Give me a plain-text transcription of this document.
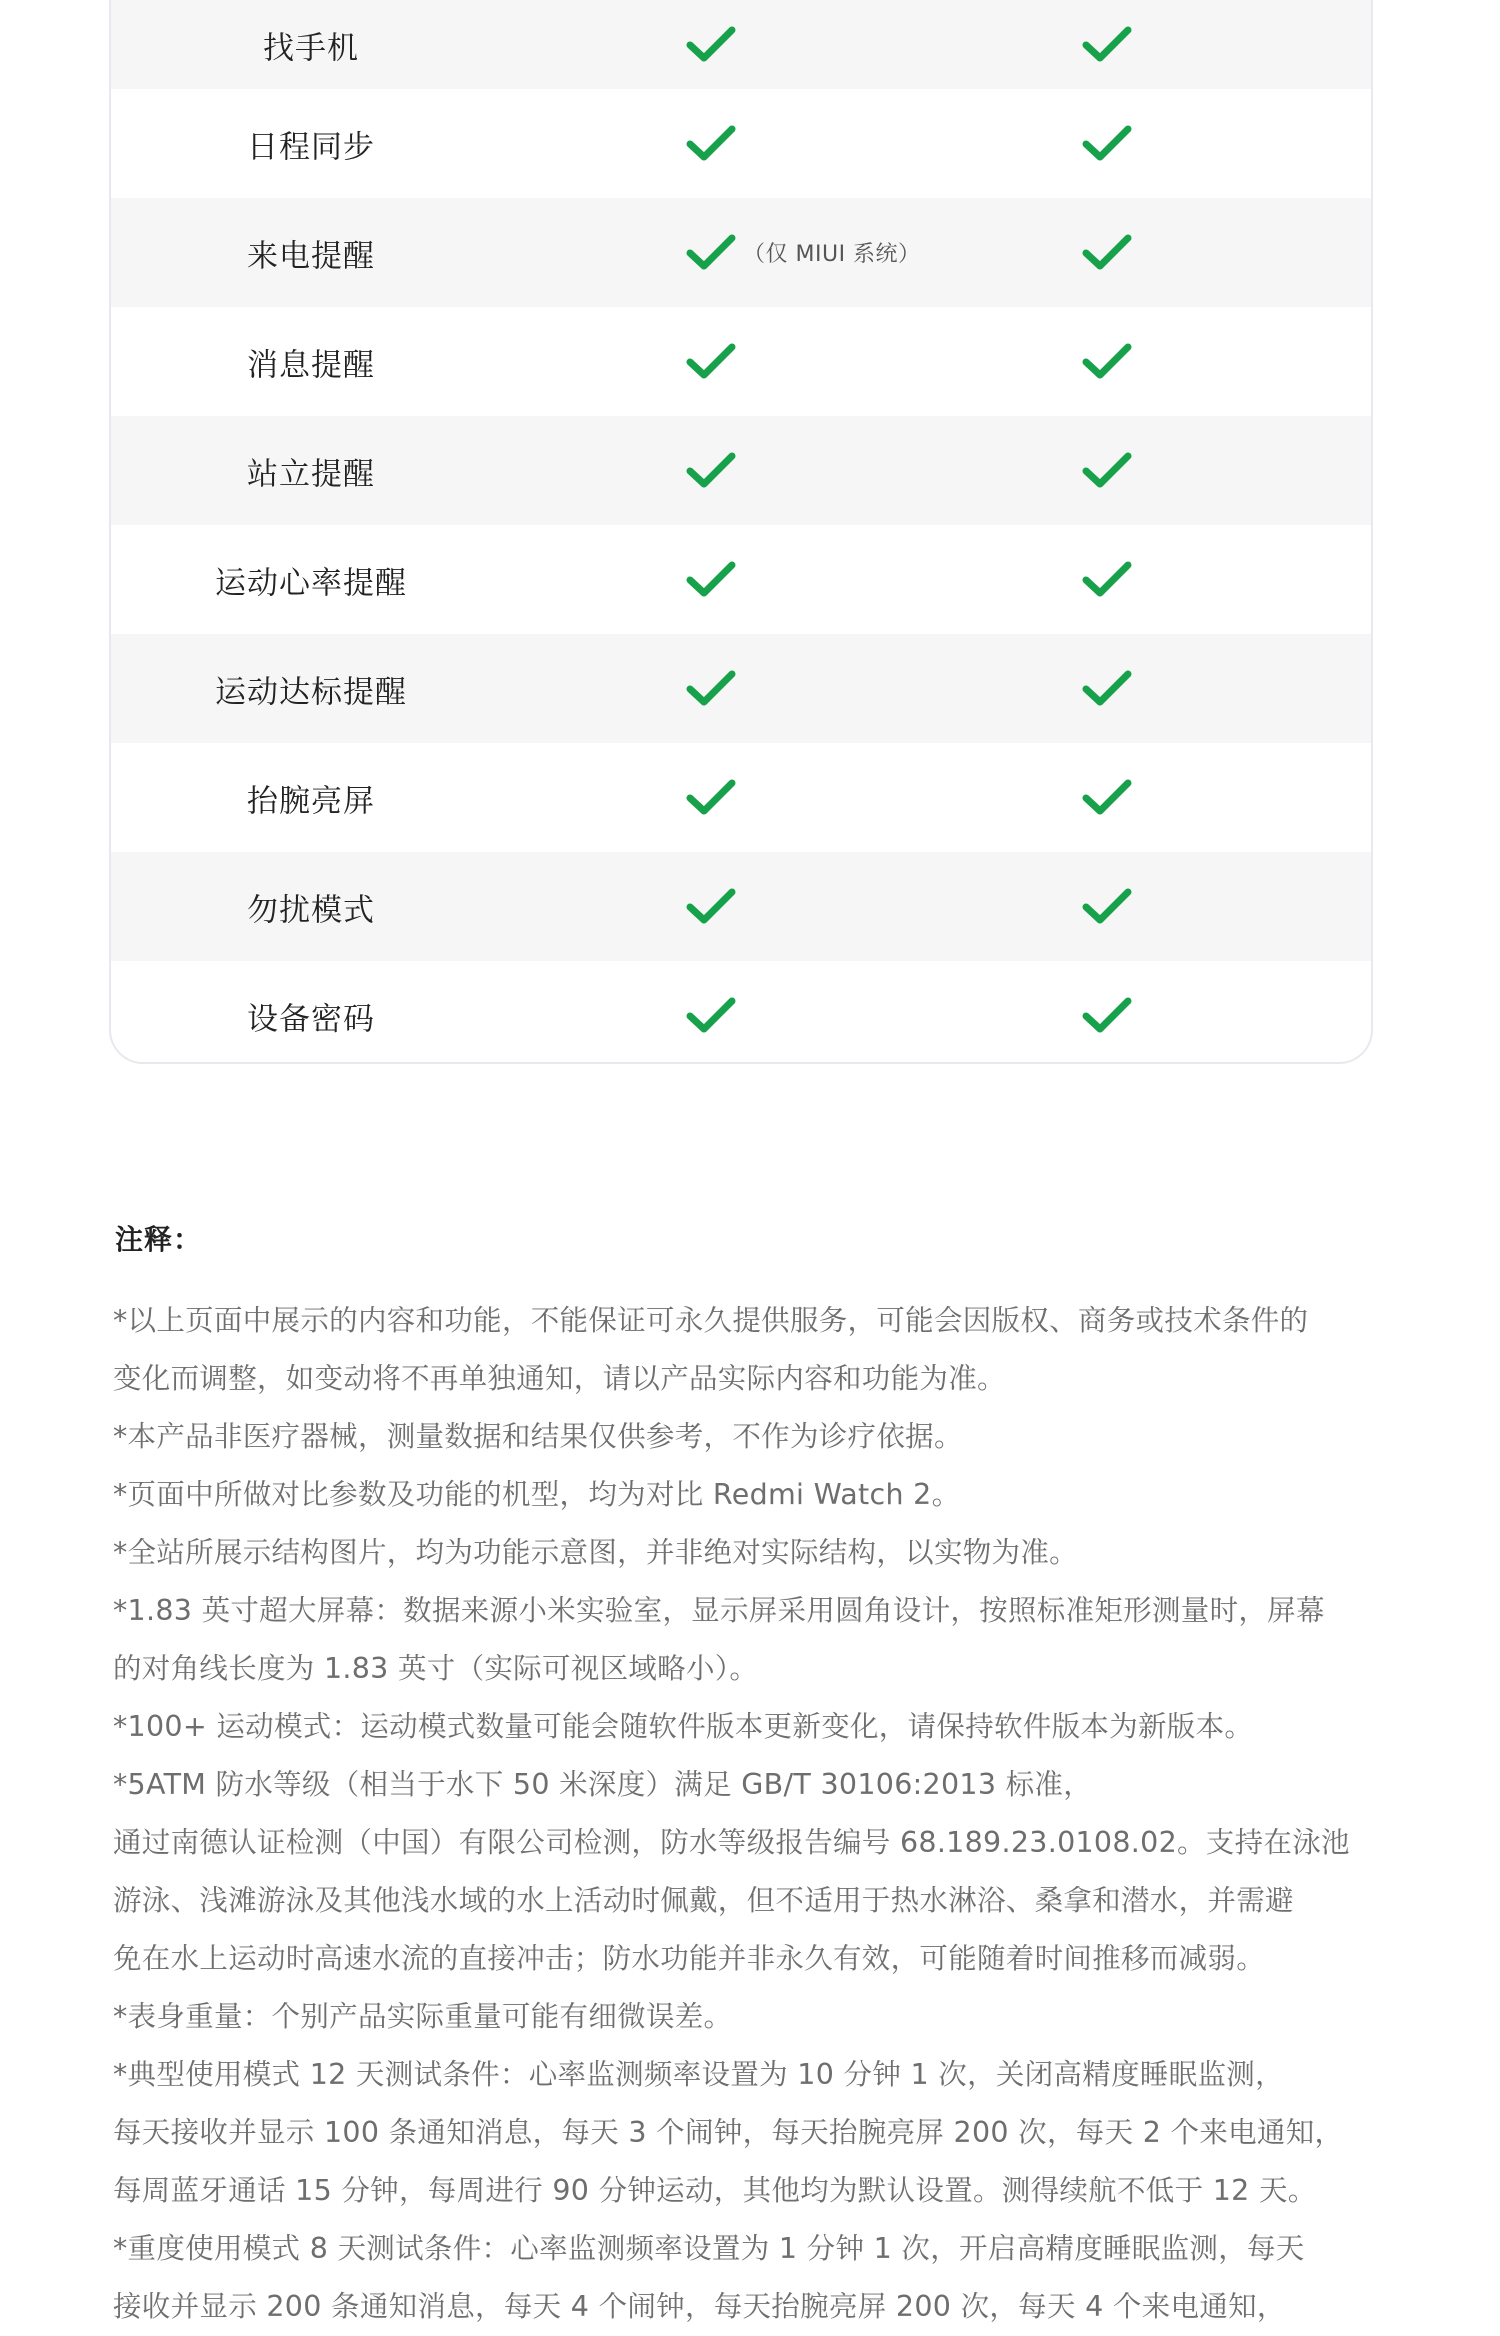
找手机
日程同步
来电提醒	（仅 MIUI 系统）
消息提醒
站立提醒
运动心率提醒
运动达标提醒
抬腕亮屏
勿扰模式
设备密码
注释：
*以上页面中展示的内容和功能，不能保证可永久提供服务，可能会因版权、商务或技术条件的
变化而调整，如变动将不再单独通知，请以产品实际内容和功能为准。
*本产品非医疗器械，测量数据和结果仅供参考，不作为诊疗依据。
*页面中所做对比参数及功能的机型，均为对比 Redmi Watch 2。
*全站所展示结构图片，均为功能示意图，并非绝对实际结构，以实物为准。
*1.83 英寸超大屏幕：数据来源小米实验室，显示屏采用圆角设计，按照标准矩形测量时，屏幕
的对角线长度为 1.83 英寸（实际可视区域略小）。
*100+ 运动模式：运动模式数量可能会随软件版本更新变化，请保持软件版本为新版本。
*5ATM 防水等级（相当于水下 50 米深度）满足 GB/T 30106:2013 标准，
通过南德认证检测（中国）有限公司检测，防水等级报告编号 68.189.23.0108.02。支持在泳池
游泳、浅滩游泳及其他浅水域的水上活动时佩戴，但不适用于热水淋浴、桑拿和潜水，并需避
免在水上运动时高速水流的直接冲击；防水功能并非永久有效，可能随着时间推移而减弱。
*表身重量：个别产品实际重量可能有细微误差。
*典型使用模式 12 天测试条件：心率监测频率设置为 10 分钟 1 次，关闭高精度睡眠监测，
每天接收并显示 100 条通知消息，每天 3 个闹钟，每天抬腕亮屏 200 次，每天 2 个来电通知，
每周蓝牙通话 15 分钟，每周进行 90 分钟运动，其他均为默认设置。测得续航不低于 12 天。
*重度使用模式 8 天测试条件：心率监测频率设置为 1 分钟 1 次，开启高精度睡眠监测，每天
接收并显示 200 条通知消息，每天 4 个闹钟，每天抬腕亮屏 200 次，每天 4 个来电通知，
